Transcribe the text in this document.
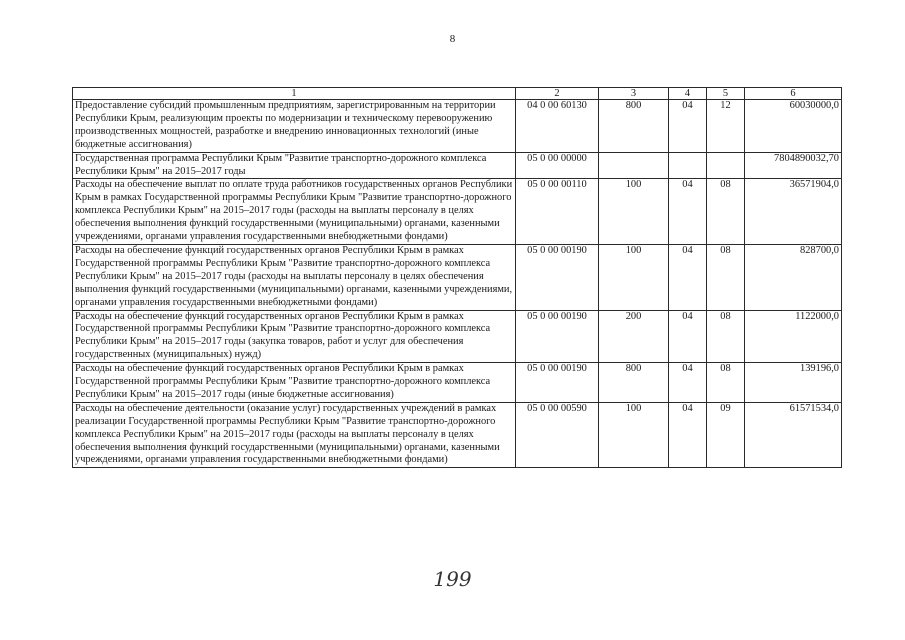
8
1	2	3	4	5	6
Предоставление субсидий промышленным предприятиям, зарегистрированным на территории Республики Крым, реализующим проекты по модернизации и техническому перевооружению производственных мощностей, разработке и внедрению инновационных технологий (иные бюджетные ассигнования)	04 0 00 60130	800	04	12	60030000,0
Государственная программа Республики Крым "Развитие транспортно-дорожного комплекса Республики Крым" на 2015–2017 годы	05 0 00 00000				7804890032,70
Расходы на обеспечение выплат по оплате труда работников государственных органов Республики Крым в рамках Государственной программы Республики Крым "Развитие транспортно-дорожного комплекса Республики Крым" на 2015–2017 годы (расходы на выплаты персоналу в целях обеспечения выполнения функций государственными (муниципальными) органами, казенными учреждениями, органами управления государственными внебюджетными фондами)	05 0 00 00110	100	04	08	36571904,0
Расходы на обеспечение функций государственных органов Республики Крым в рамках Государственной программы Республики Крым "Развитие транспортно-дорожного комплекса Республики Крым" на 2015–2017 годы (расходы на выплаты персоналу в целях обеспечения выполнения функций государственными (муниципальными) органами, казенными учреждениями, органами управления государственными внебюджетными фондами)	05 0 00 00190	100	04	08	828700,0
Расходы на обеспечение функций государственных органов Республики Крым в рамках Государственной программы Республики Крым "Развитие транспортно-дорожного комплекса Республики Крым" на 2015–2017 годы (закупка товаров, работ и услуг для обеспечения государственных (муниципальных) нужд)	05 0 00 00190	200	04	08	1122000,0
Расходы на обеспечение функций государственных органов Республики Крым в рамках Государственной программы Республики Крым "Развитие транспортно-дорожного комплекса Республики Крым" на 2015–2017 годы (иные бюджетные ассигнования)	05 0 00 00190	800	04	08	139196,0
Расходы на обеспечение деятельности (оказание услуг) государственных учреждений в рамках реализации Государственной программы Республики Крым "Развитие транспортно-дорожного комплекса Республики Крым" на 2015–2017 годы (расходы на выплаты персоналу в целях обеспечения выполнения функций государственными (муниципальными) органами, казенными учреждениями, органами управления государственными внебюджетными фондами)	05 0 00 00590	100	04	09	61571534,0
199
